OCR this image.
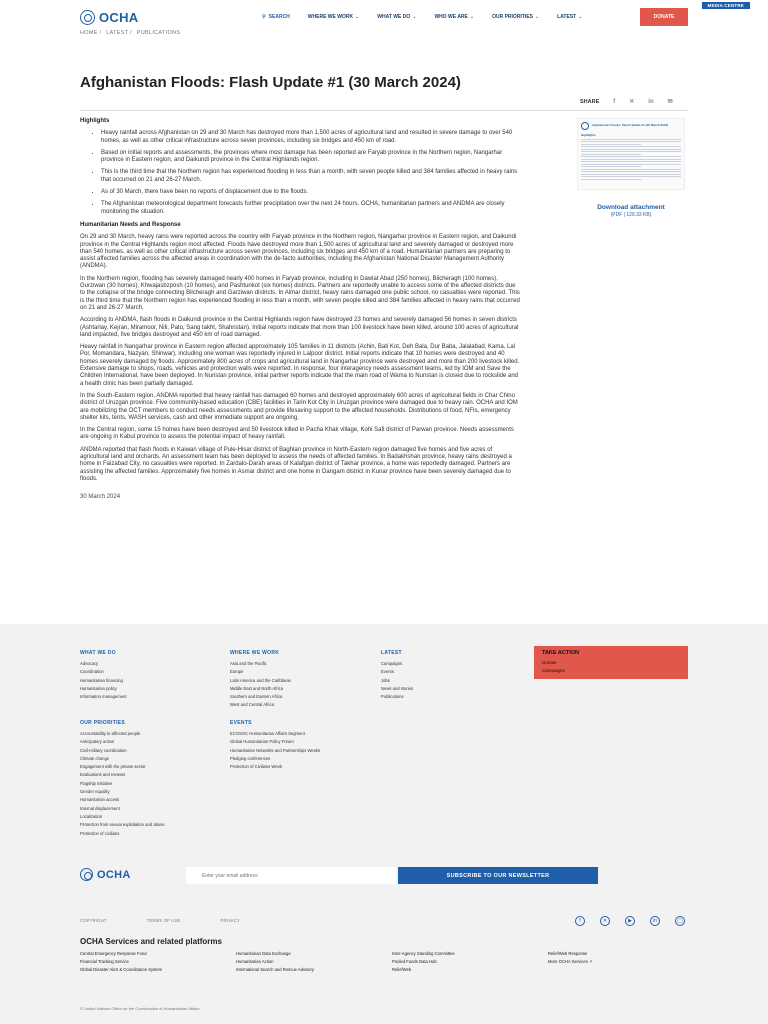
MEDIA CENTRE
OCHA	⚲ SEARCH	WHERE WE WORK ⌄	WHAT WE DO ⌄	WHO WE ARE ⌄	OUR PRIORITIES ⌄	LATEST ⌄	DONATE
HOME / LATEST / PUBLICATIONS
Afghanistan Floods: Flash Update #1 (30 March 2024)
SHARE f ✕ in ✉
Highlights
• Heavy rainfall across Afghanistan on 29 and 30 March has destroyed more than 1,500 acres of agricultural land and resulted in severe damage to over 540 homes, as well as other critical infrastructure across seven provinces, including six bridges and 450 km of road.
• Based on initial reports and assessments, the provinces where most damage has been reported are Faryab province in the Northern region, Nangarhar province in Eastern region, and Daikundi province in the Central Highlands region.
• This is the third time that the Northern region has experienced flooding in less than a month, with seven people killed and 384 families affected in heavy rains that occurred on 21 and 26-27 March.
• As of 30 March, there have been no reports of displacement due to the floods.
• The Afghanistan meteorological department forecasts further precipitation over the next 24 hours. OCHA, humanitarian partners and ANDMA are closely monitoring the situation.
Humanitarian Needs and Response

On 29 and 30 March, heavy rains were reported across the country with Faryab province in the Northern region, Nangarhar province in Eastern region, and Daikundi province in the Central Highlands region most affected. Floods have destroyed more than 1,500 acres of agricultural land and severely damaged or destroyed more than 540 homes, as well as other critical infrastructure across seven provinces, including six bridges and 450 km of a road. Humanitarian partners are preparing to assist affected families across the affected areas in coordination with the de-facto authorities, including the Afghanistan National Disaster Management Authority (ANDMA).

In the Northern region, flooding has severely damaged nearly 400 homes in Faryab province, including in Dawlat Abad (250 homes), Bilcheragh (100 homes), Gurziwan (30 homes), Khwajasbzposh (10 homes), and Pashtunkot (six homes) districts. Partners are reportedly unable to access some of the affected districts due to the collapse of the bridge connecting Bilcheragh and Garziwan districts. In Almar district, heavy rains damaged one public school, no casualties were reported. This is the third time that the Northern region has experienced flooding in less than a month, with seven people killed and 384 families affected in heavy rains that occurred on 21 and 26-27 March.

According to ANDMA, flash floods in Daikundi province in the Central Highlands region have destroyed 23 homes and severely damaged 56 homes in seven districts (Ashtarlay, Kejran, Miramoor, Nili, Pato, Sang takht, Shahristan). Initial reports indicate that more than 100 livestock have been killed, around 100 acres of agricultural land impacted, five bridges destroyed and 450 km of road damaged.

Heavy rainfall in Nangarhar province in Eastern region affected approximately 105 families in 11 districts (Achin, Bati Kot, Deh Bala, Dur Baba, Jalalabad, Kama, Lal Por, Momandara, Nazyan, Shinwar), including one woman was reportedly injured in Lalpoor district. Initial reports indicate that 10 homes were destroyed and 40 homes severely damaged by floods. Approximately 800 acres of crops and agricultural land in Nangarhar province were destroyed and more than 200 livestock killed. Extensive damage to shops, roads, vehicles and protection walls were reported. In response, four interagency needs assessment teams, led by IOM and Save the Children International, have been deployed. In Nuristan province, initial partner reports indicate that the main road of Wama to Nuristan is closed due to rockslide and a health clinic has been partially damaged.

In the South-Eastern region, ANDMA reported that heavy rainfall has damaged 60 homes and destroyed approximately 600 acres of agricultural fields in Char Chino district of Uruzgan province. Five community-based education (CBE) facilities in Tarin Kot City in Uruzgan province were damaged due to heavy rain. OCHA and IOM are mobilizing the OCT members to conduct needs assessments and provide lifesaving support to the affected households. Distributions of food, NFIs, emergency shelter kits, tents, WASH services, cash and other immediate support are ongoing.

In the Central region, some 15 homes have been destroyed and 50 livestock killed in Pacha Khak village, Kohi Safi district of Parwan province. Needs assessments are ongoing in Kabul province to assess the potential impact of heavy rainfall.

ANDMA reported that flash floods in Kaiwan village of Pule-Hisar district of Baghlan province in North-Eastern region damaged five homes and five acres of agricultural land and orchards. An assessment team has been deployed to assess the needs of affected families. In Badakhshan province, heavy rains destroyed a home in Faizabad City, no casualties were reported. In Zardalo-Darah areas of Kalafgan district of Takhar province, a home was reportedly damaged. Partners are assisting the affected families. Approximately five homes in Asmar district and one home in Dangam district in Kunar province have been severely damaged due to floods.

30 March 2024

Afghanistan Floods: Flash Update #1 (30 March 2024)
Highlights
Download attachment
(PDF | 129.33 KB)
WHAT WE DO
Advocacy
Coordination
Humanitarian financing
Humanitarian policy
Information management
WHERE WE WORK
Asia and the Pacific
Europe
Latin America and the Caribbean
Middle East and North Africa
Southern and Eastern Africa
West and Central Africa
LATEST
Campaigns
Events
Jobs
News and stories
Publications
TAKE ACTION
Donate
Campaigns
OUR PRIORITIES
Accountability to affected people
Anticipatory action
Civil-military coordination
Climate change
Engagement with the private sector
Evaluations and reviews
Flagship Initiative
Gender equality
Humanitarian access
Internal displacement
Localization
Protection from sexual exploitation and abuse
Protection of civilians
EVENTS
ECOSOC Humanitarian Affairs Segment
Global Humanitarian Policy Forum
Humanitarian Networks and Partnerships Weeks
Pledging conferences
Protection of Civilians Week
OCHA
Enter your email address	SUBSCRIBE TO OUR NEWSLETTER
COPYRIGHT	TERMS OF USE	PRIVACY	f	✕	▶	in	◯
OCHA Services and related platforms
Central Emergency Response Fund	Humanitarian Data Exchange	Inter-Agency Standing Committee	ReliefWeb Response
Financial Tracking Service	Humanitarian Action	Pooled Funds Data Hub	More OCHA Services ↗
Global Disaster Alert & Coordination System	International Search and Rescue Advisory	ReliefWeb
© United Nations Office for the Coordination of Humanitarian Affairs
